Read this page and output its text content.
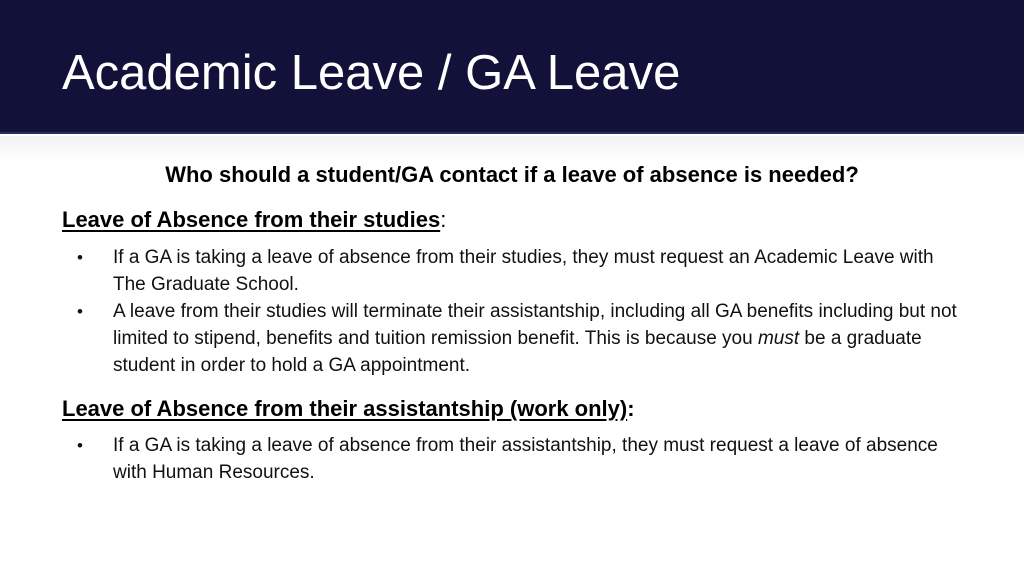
Academic Leave / GA Leave

Who should a student/GA contact if a leave of absence is needed?

Leave of Absence from their studies:
• If a GA is taking a leave of absence from their studies, they must request an Academic Leave with The Graduate School.
• A leave from their studies will terminate their assistantship, including all GA benefits including but not limited to stipend, benefits and tuition remission benefit. This is because you must be a graduate student in order to hold a GA appointment.
Leave of Absence from their assistantship (work only):
• If a GA is taking a leave of absence from their assistantship, they must request a leave of absence with Human Resources.
